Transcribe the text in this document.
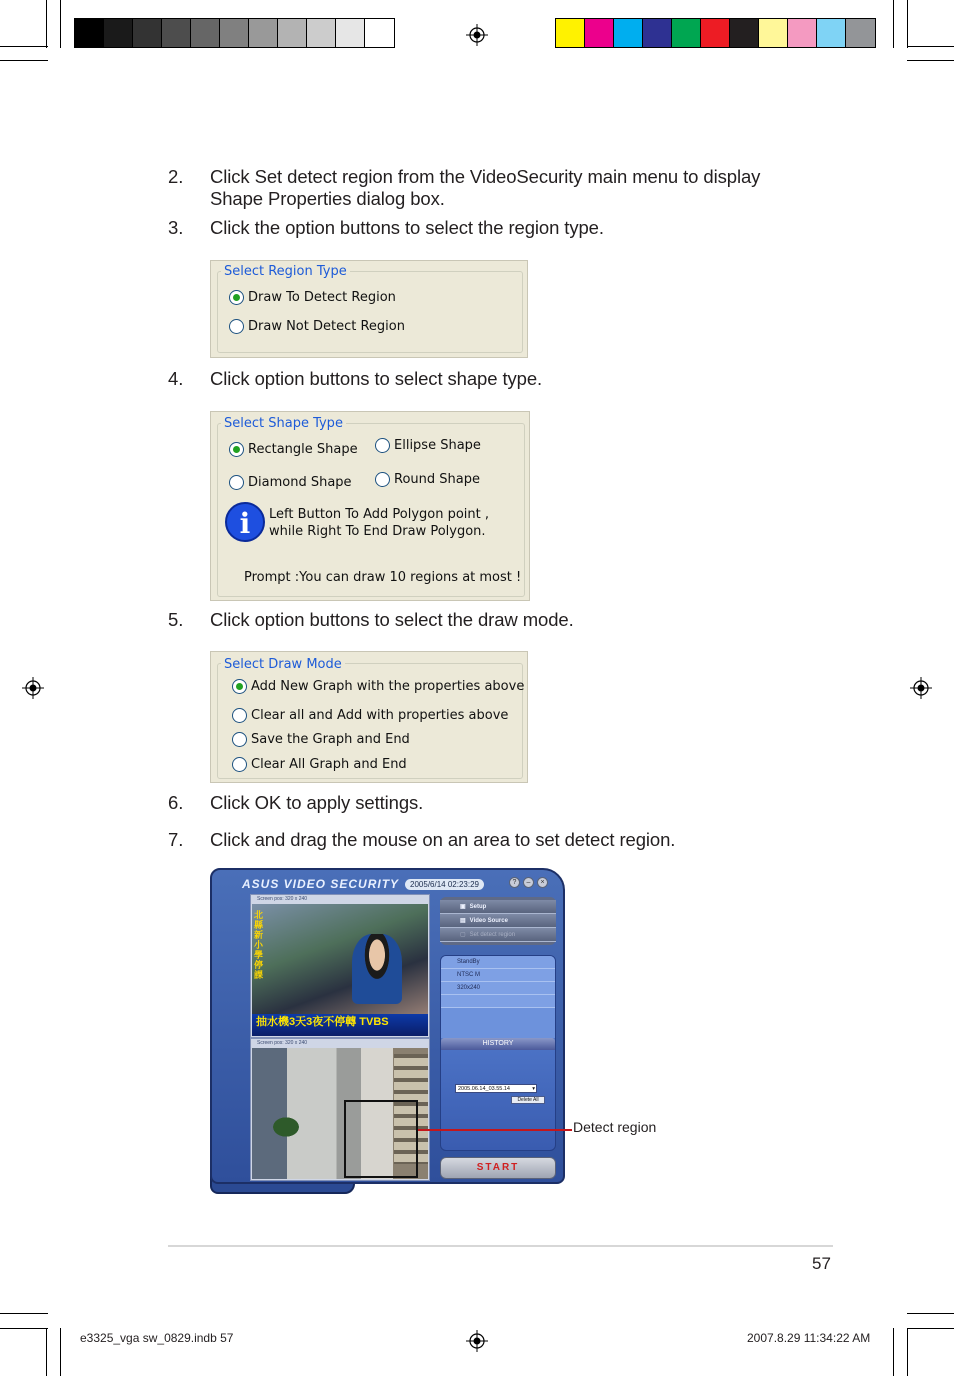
2. Click Set detect region from the VideoSecurity main menu to display Shape Properties dialog box.
3. Click the option buttons to select the region type.
Select Region Type
Draw To Detect Region
Draw Not Detect Region
4. Click option buttons to select shape type.
Select Shape Type
Rectangle Shape	Ellipse Shape
Diamond Shape	Round Shape
i	Left Button To Add Polygon point ,
while Right To End Draw Polygon.
Prompt :You can draw 10 regions at most !
5. Click option buttons to select the draw mode.
Select Draw Mode
Add New Graph with the properties above
Clear all and Add with properties above
Save the Graph and End
Clear All Graph and End
6. Click OK to apply settings.
7. Click and drag the mouse on an area to set detect region.
ASUS VIDEO SECURITY	2005/6/14 02:23:29	?	–	×
Screen pos: 320 x 240
北縣新小學停課
抽水機3天3夜不停轉 TVBS
Screen pos: 320 x 240
▣ Setup
▤ Video Source
▢ Set detect region
StandBy
NTSC M
320x240
HISTORY
2005.06.14_03.55.14	▾
Delete All
START
Detect region
57
e3325_vga sw_0829.indb 57	2007.8.29 11:34:22 AM
